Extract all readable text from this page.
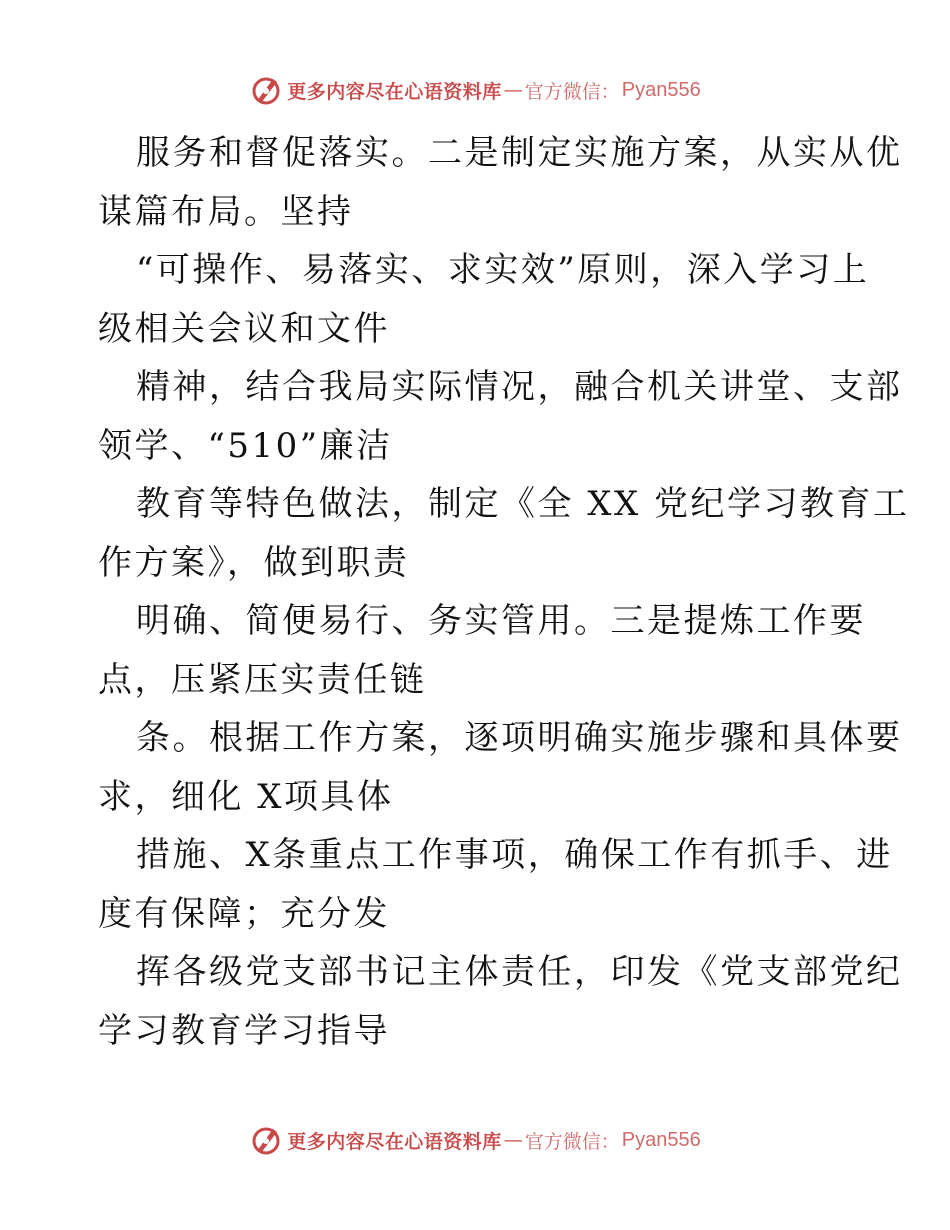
更多内容尽在心语资料库 — 官方微信： Pyan556
服务和督促落实。二是制定实施方案，从实从优
谋篇布局。坚持
“可操作、易落实、求实效”原则，深入学习上
级相关会议和文件
精神，结合我局实际情况，融合机关讲堂、支部
领学、“510”廉洁
教育等特色做法，制定《全 XX 党纪学习教育工
作方案》，做到职责
明确、简便易行、务实管用。三是提炼工作要
点，压紧压实责任链
条。根据工作方案，逐项明确实施步骤和具体要
求，细化 X项具体
措施、X条重点工作事项，确保工作有抓手、进
度有保障；充分发
挥各级党支部书记主体责任，印发《党支部党纪
学习教育学习指导
更多内容尽在心语资料库 — 官方微信： Pyan556
